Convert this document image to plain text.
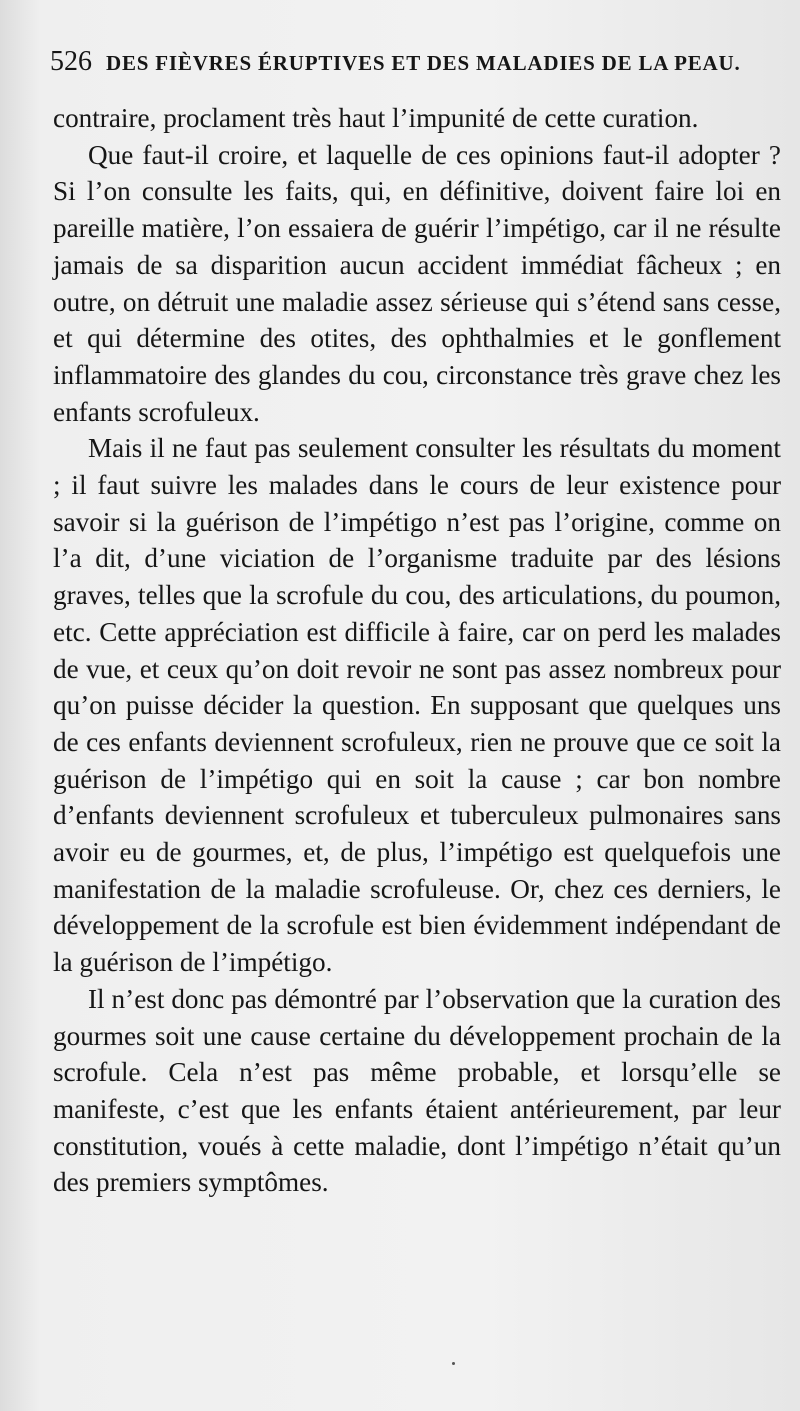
526 DES FIÈVRES ÉRUPTIVES ET DES MALADIES DE LA PEAU.

contraire, proclament très haut l’impunité de cette curation.

Que faut-il croire, et laquelle de ces opinions faut-il adopter ? Si l’on consulte les faits, qui, en définitive, doivent faire loi en pareille matière, l’on essaiera de guérir l’impétigo, car il ne résulte jamais de sa disparition aucun accident immédiat fâcheux ; en outre, on détruit une maladie assez sérieuse qui s’étend sans cesse, et qui détermine des otites, des ophthalmies et le gonflement inflammatoire des glandes du cou, circonstance très grave chez les enfants scrofuleux.

Mais il ne faut pas seulement consulter les résultats du moment ; il faut suivre les malades dans le cours de leur existence pour savoir si la guérison de l’impétigo n’est pas l’origine, comme on l’a dit, d’une viciation de l’organisme traduite par des lésions graves, telles que la scrofule du cou, des articulations, du poumon, etc. Cette appréciation est difficile à faire, car on perd les malades de vue, et ceux qu’on doit revoir ne sont pas assez nombreux pour qu’on puisse décider la question. En supposant que quelques uns de ces enfants deviennent scrofuleux, rien ne prouve que ce soit la guérison de l’impétigo qui en soit la cause ; car bon nombre d’enfants deviennent scrofuleux et tuberculeux pulmonaires sans avoir eu de gourmes, et, de plus, l’impétigo est quelquefois une manifestation de la maladie scrofuleuse. Or, chez ces derniers, le développement de la scrofule est bien évidemment indépendant de la guérison de l’impétigo.

Il n’est donc pas démontré par l’observation que la curation des gourmes soit une cause certaine du développement prochain de la scrofule. Cela n’est pas même probable, et lorsqu’elle se manifeste, c’est que les enfants étaient antérieurement, par leur constitution, voués à cette maladie, dont l’impétigo n’était qu’un des premiers symptômes.
